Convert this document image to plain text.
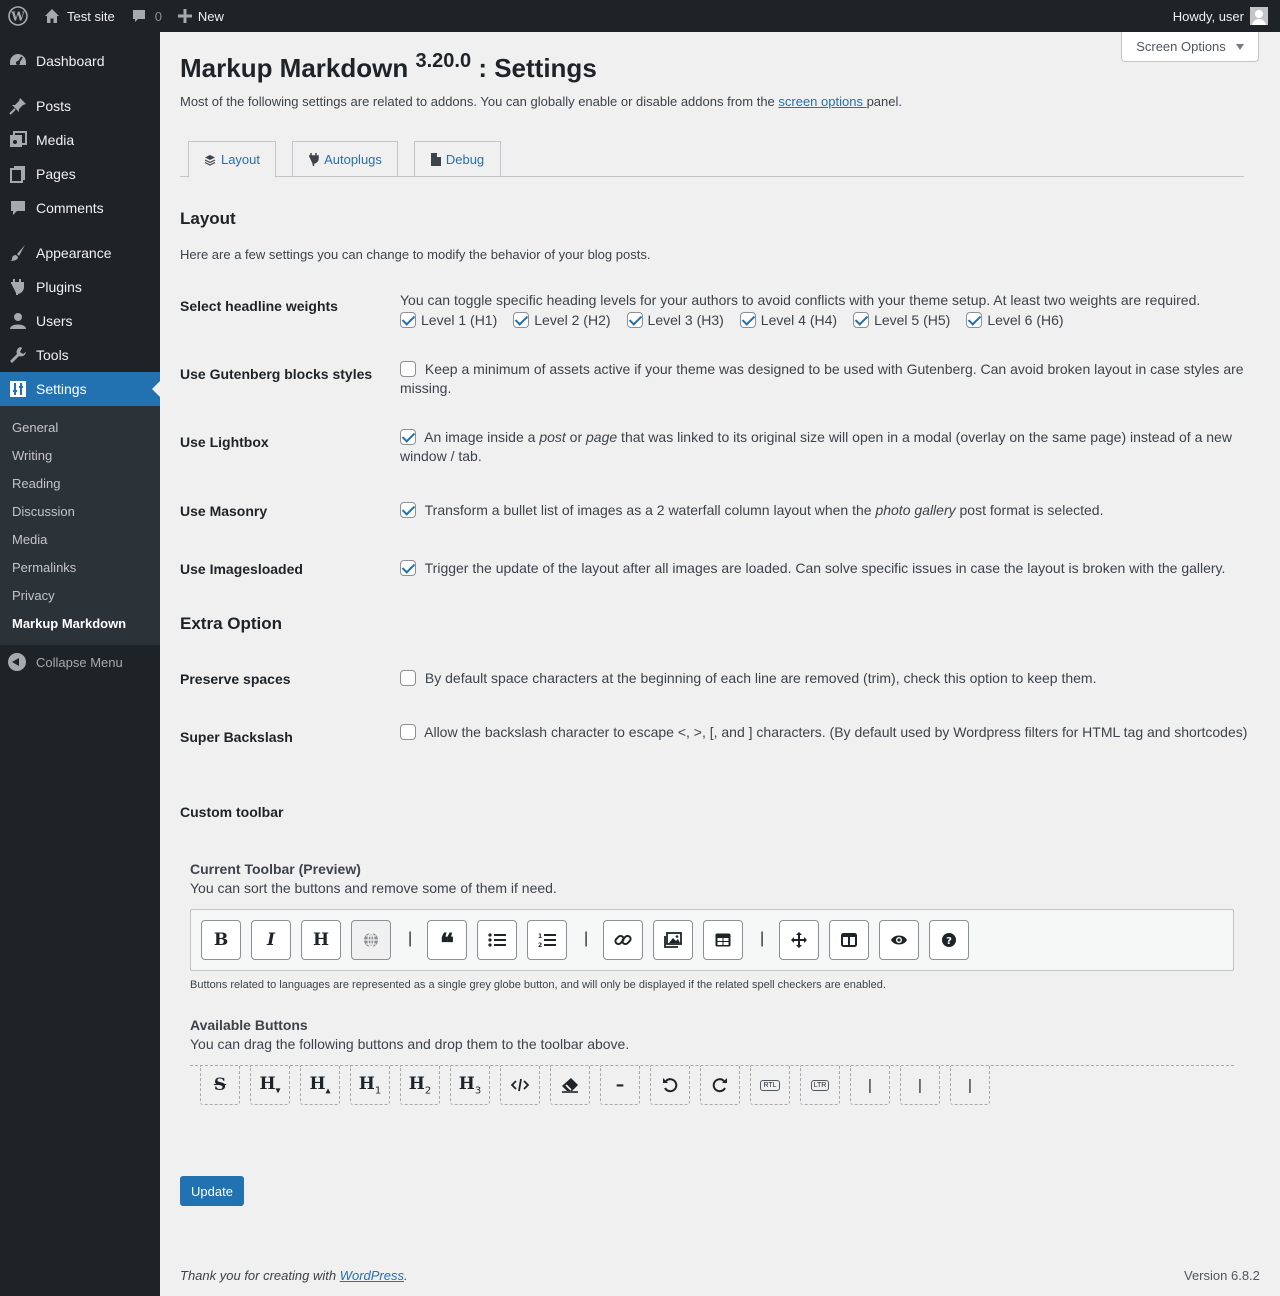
W	Test site	0	New	Howdy, user
Dashboard
Posts
Media
Pages
Comments
Appearance
Plugins
Users
Tools
Settings
General
Writing
Reading
Discussion
Media
Permalinks
Privacy
Markup Markdown
Collapse Menu
Screen Options
Markup Markdown $^{3.20.0}$ : Settings
Most of the following settings are related to addons. You can globally enable or disable addons from the screen options panel.
Layout	Autoplugs	Debug
Layout
Here are a few settings you can change to modify the behavior of your blog posts.
Select headline weights	You can toggle specific heading levels for your authors to avoid conflicts with your theme setup. At least two weights are required.
Level 1 (H1)	Level 2 (H2)	Level 3 (H3)	Level 4 (H4)	Level 5 (H5)	Level 6 (H6)
Use Gutenberg blocks styles	Keep a minimum of assets active if your theme was designed to be used with Gutenberg. Can avoid broken layout in case styles are missing.
Use Lightbox	An image inside a post or page that was linked to its original size will open in a modal (overlay on the same page) instead of a new window / tab.
Use Masonry	Transform a bullet list of images as a 2 waterfall column layout when the photo gallery post format is selected.
Use Imagesloaded	Trigger the update of the layout after all images are loaded. Can solve specific issues in case the layout is broken with the gallery.
Extra Option
Preserve spaces	By default space characters at the beginning of each line are removed (trim), check this option to keep them.
Super Backslash	Allow the backslash character to escape <, >, [, and ] characters. (By default used by Wordpress filters for HTML tag and shortcodes)
Custom toolbar
Current Toolbar (Preview)
You can sort the buttons and remove some of them if need.
B I H	| ❝	1
2	|	|	?
Buttons related to languages are represented as a single grey globe button, and will only be displayed if the related spell checkers are enabled.
Available Buttons
You can drag the following buttons and drop them to the toolbar above.
S $H_▾$ $H_▴$ $H_1$ $H_2$ $H_3$	–	RTL	LTR	|	|	|
Update
Thank you for creating with WordPress.	Version 6.8.2
